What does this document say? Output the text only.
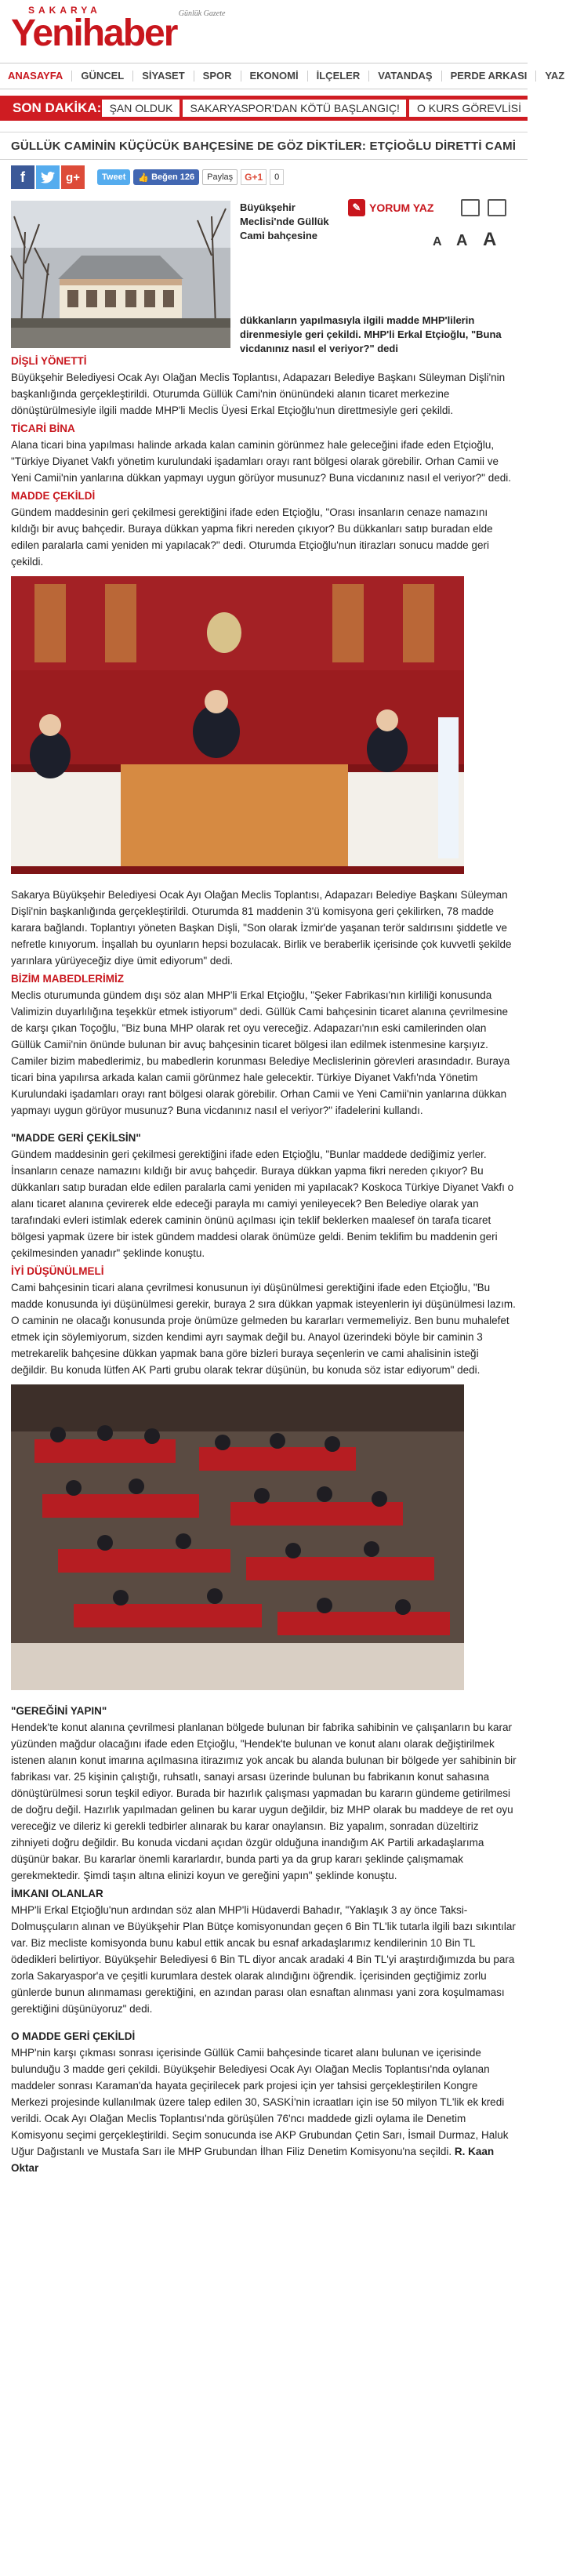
SAKARYA
Yenihaber Günlük Gazete
ANASAYFA	GÜNCEL	SİYASET	SPOR	EKONOMİ	İLÇELER	VATANDAŞ	PERDE ARKASI	YAZ
SON DAKİKA: ŞAN OLDUK	SAKARYASPOR'DAN KÖTÜ BAŞLANGIÇ!	O KURS GÖREVLİSİ
GÜLLÜK CAMİNİN KÜÇÜCÜK BAHÇESİNE DE GÖZ DİKTİLER: ETÇİOĞLU DİRETTİ CAMİ
f	g+	Tweet 👍 Beğen
126 Paylaş G+1	0
Büyükşehir Meclisi'nde Güllük Cami bahçesine
dükkanların yapılmasıyla ilgili madde MHP'lilerin direnmesiyle geri çekildi. MHP'li Erkal Etçioğlu, "Buna vicdanınız nasıl el veriyor?" dedi
✎ YORUM YAZ
A A A
DİŞLİ YÖNETTİ

Büyükşehir Belediyesi Ocak Ayı Olağan Meclis Toplantısı, Adapazarı Belediye Başkanı Süleyman Dişli'nin başkanlığında gerçekleştirildi. Oturumda Güllük Cami'nin önünündeki alanın ticaret merkezine dönüştürülmesiyle ilgili madde MHP'li Meclis Üyesi Erkal Etçioğlu'nun direttmesiyle geri çekildi.

TİCARİ BİNA

Alana ticari bina yapılması halinde arkada kalan caminin görünmez hale geleceğini ifade eden Etçioğlu, "Türkiye Diyanet Vakfı yönetim kurulundaki işadamları orayı rant bölgesi olarak görebilir. Orhan Camii ve Yeni Camii'nin yanlarına dükkan yapmayı uygun görüyor musunuz? Buna vicdanınız nasıl el veriyor?" dedi.

MADDE ÇEKİLDİ

Gündem maddesinin geri çekilmesi gerektiğini ifade eden Etçioğlu, "Orası insanların cenaze namazını kıldığı bir avuç bahçedir. Buraya dükkan yapma fikri nereden çıkıyor? Bu dükkanları satıp buradan elde edilen paralarla cami yeniden mi yapılacak?" dedi. Oturumda Etçioğlu'nun itirazları sonucu madde geri çekildi.

Sakarya Büyükşehir Belediyesi Ocak Ayı Olağan Meclis Toplantısı, Adapazarı Belediye Başkanı Süleyman Dişli'nin başkanlığında gerçekleştirildi. Oturumda 81 maddenin 3'ü komisyona geri çekilirken, 78 madde karara bağlandı. Toplantıyı yöneten Başkan Dişli, "Son olarak İzmir'de yaşanan terör saldırısını şiddetle ve nefretle kınıyorum. İnşallah bu oyunların hepsi bozulacak. Birlik ve beraberlik içerisinde çok kuvvetli şekilde yarınlara yürüyeceğiz diye ümit ediyorum" dedi.

BİZİM MABEDLERİMİZ

Meclis oturumunda gündem dışı söz alan MHP'li Erkal Etçioğlu, "Şeker Fabrikası'nın kirliliği konusunda Valimizin duyarlılığına teşekkür etmek istiyorum" dedi. Güllük Cami bahçesinin ticaret alanına çevrilmesine de karşı çıkan Toçoğlu, "Biz buna MHP olarak ret oyu vereceğiz. Adapazarı'nın eski camilerinden olan Güllük Camii'nin önünde bulunan bir avuç bahçesinin ticaret bölgesi ilan edilmek istenmesine karşıyız. Camiler bizim mabedlerimiz, bu mabedlerin korunması Belediye Meclislerinin görevleri arasındadır. Buraya ticari bina yapılırsa arkada kalan camii görünmez hale gelecektir. Türkiye Diyanet Vakfı'nda Yönetim Kurulundaki işadamları orayı rant bölgesi olarak görebilir. Orhan Camii ve Yeni Camii'nin yanlarına dükkan yapmayı uygun görüyor musunuz? Buna vicdanınız nasıl el veriyor?" ifadelerini kullandı.

"MADDE GERİ ÇEKİLSİN"

Gündem maddesinin geri çekilmesi gerektiğini ifade eden Etçioğlu, "Bunlar maddede dediğimiz yerler. İnsanların cenaze namazını kıldığı bir avuç bahçedir. Buraya dükkan yapma fikri nereden çıkıyor? Bu dükkanları satıp buradan elde edilen paralarla cami yeniden mi yapılacak? Koskoca Türkiye Diyanet Vakfı o alanı ticaret alanına çevirerek elde edeceği parayla mı camiyi yenileyecek? Ben Belediye olarak yan tarafındaki evleri istimlak ederek caminin önünü açılması için teklif beklerken maalesef ön tarafa ticaret bölgesi yapmak üzere bir istek gündem maddesi olarak önümüze geldi. Benim teklifim bu maddenin geri çekilmesinden yanadır" şeklinde konuştu.

İYİ DÜŞÜNÜLMELİ

Cami bahçesinin ticari alana çevrilmesi konusunun iyi düşünülmesi gerektiğini ifade eden Etçioğlu, "Bu madde konusunda iyi düşünülmesi gerekir, buraya 2 sıra dükkan yapmak isteyenlerin iyi düşünülmesi lazım. O caminin ne olacağı konusunda proje önümüze gelmeden bu kararları vermemeliyiz. Ben bunu muhalefet etmek için söylemiyorum, sizden kendimi ayrı saymak değil bu. Anayol üzerindeki böyle bir caminin 3 metrekarelik bahçesine dükkan yapmak bana göre bizleri buraya seçenlerin ve cami ahalisinin isteği değildir. Bu konuda lütfen AK Parti grubu olarak tekrar düşünün, bu konuda söz istar ediyorum" dedi.

"GEREĞİNİ YAPIN"

Hendek'te konut alanına çevrilmesi planlanan bölgede bulunan bir fabrika sahibinin ve çalışanların bu karar yüzünden mağdur olacağını ifade eden Etçioğlu, "Hendek'te bulunan ve konut alanı olarak değiştirilmek istenen alanın konut imarına açılmasına itirazımız yok ancak bu alanda bulunan bir bölgede yer sahibinin bir fabrikası var. 25 kişinin çalıştığı, ruhsatlı, sanayi arsası üzerinde bulunan bu fabrikanın konut sahasına dönüştürülmesi sorun teşkil ediyor. Burada bir hazırlık çalışması yapmadan bu kararın gündeme getirilmesi de doğru değil. Hazırlık yapılmadan gelinen bu karar uygun değildir, biz MHP olarak bu maddeye de ret oyu vereceğiz ve dileriz ki gerekli tedbirler alınarak bu karar onaylansın. Biz yapalım, sonradan düzeltiriz zihniyeti doğru değildir. Bu konuda vicdani açıdan özgür olduğuna inandığım AK Partili arkadaşlarıma düşünür bakar. Bu kararlar önemli kararlardır, bunda parti ya da grup kararı şeklinde çalışmamak gerekmektedir. Şimdi taşın altına elinizi koyun ve gereğini yapın" şeklinde konuştu.

İMKANI OLANLAR

MHP'li Erkal Etçioğlu'nun ardından söz alan MHP'li Hüdaverdi Bahadır, "Yaklaşık 3 ay önce Taksi-Dolmuşçuların alınan ve Büyükşehir Plan Bütçe komisyonundan geçen 6 Bin TL'lik tutarla ilgili bazı sıkıntılar var. Biz mecliste komisyonda bunu kabul ettik ancak bu esnaf arkadaşlarımız kendilerinin 10 Bin TL ödedikleri belirtiyor. Büyükşehir Belediyesi 6 Bin TL diyor ancak aradaki 4 Bin TL'yi araştırdığımızda bu para zorla Sakaryaspor'a ve çeşitli kurumlara destek olarak alındığını öğrendik. İçerisinden geçtiğimiz zorlu günlerde bunun alınmaması gerektiğini, en azından parası olan esnaftan alınması yani zora koşulmaması gerektiğini düşünüyoruz" dedi.

O MADDE GERİ ÇEKİLDİ

MHP'nin karşı çıkması sonrası içerisinde Güllük Camii bahçesinde ticaret alanı bulunan ve içerisinde bulunduğu 3 madde geri çekildi. Büyükşehir Belediyesi Ocak Ayı Olağan Meclis Toplantısı'nda oylanan maddeler sonrası Karaman'da hayata geçirilecek park projesi için yer tahsisi gerçekleştirilen Kongre Merkezi projesinde kullanılmak üzere talep edilen 30, SASKİ'nin icraatları için ise 50 milyon TL'lik ek kredi verildi. Ocak Ayı Olağan Meclis Toplantısı'nda görüşülen 76'ncı maddede gizli oylama ile Denetim Komisyonu seçimi gerçekleştirildi. Seçim sonucunda ise AKP Grubundan Çetin Sarı, İsmail Durmaz, Haluk Uğur Dağıstanlı ve Mustafa Sarı ile MHP Grubundan İlhan Filiz Denetim Komisyonu'na seçildi. R. Kaan Oktar
